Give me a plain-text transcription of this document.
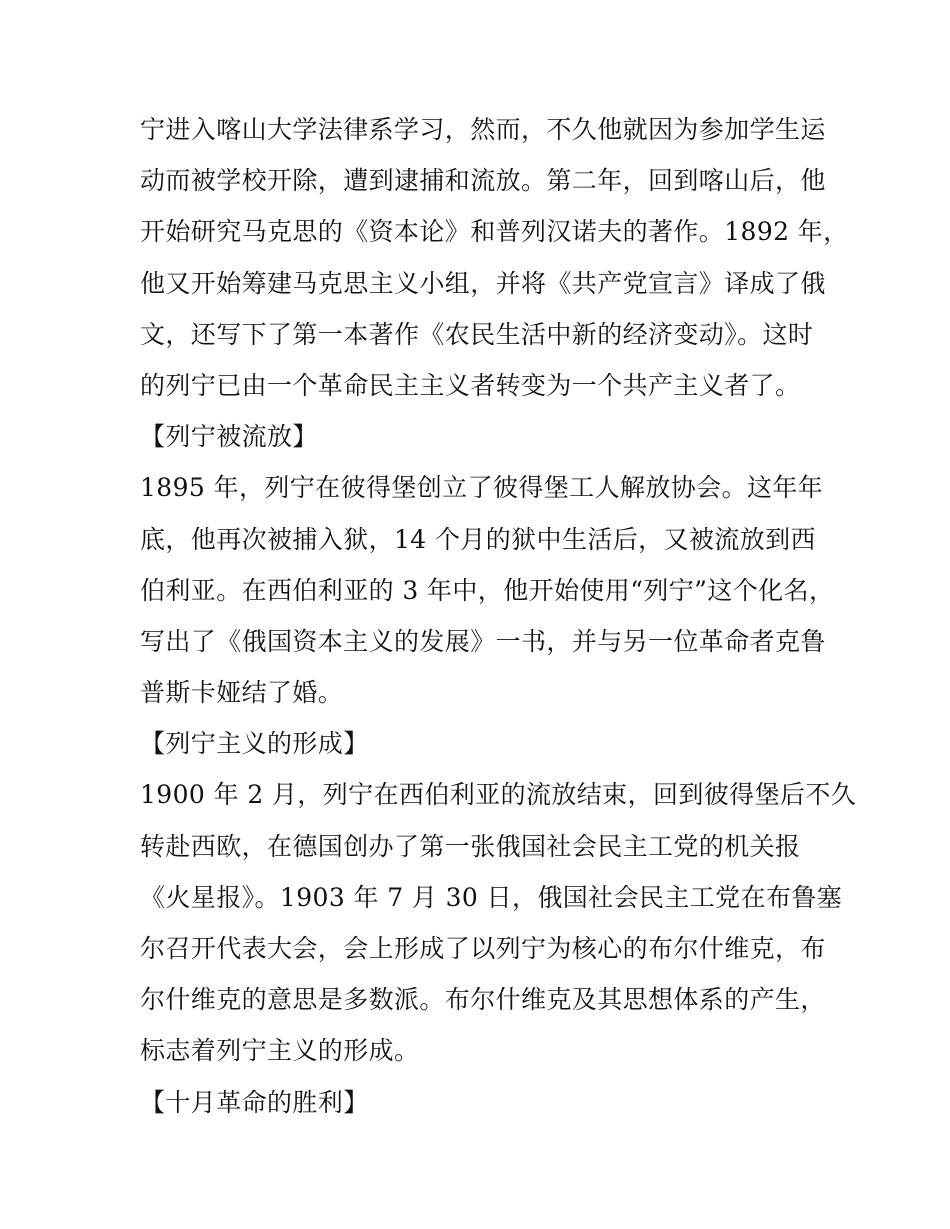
宁进入喀山大学法律系学习，然而，不久他就因为参加学生运
动而被学校开除，遭到逮捕和流放。第二年，回到喀山后，他
开始研究马克思的《资本论》和普列汉诺夫的著作。1892 年，
他又开始筹建马克思主义小组，并将《共产党宣言》译成了俄
文，还写下了第一本著作《农民生活中新的经济变动》。这时
的列宁已由一个革命民主主义者转变为一个共产主义者了。
【列宁被流放】
1895 年，列宁在彼得堡创立了彼得堡工人解放协会。这年年
底，他再次被捕入狱，14 个月的狱中生活后，又被流放到西
伯利亚。在西伯利亚的 3 年中，他开始使用“列宁”这个化名，
写出了《俄国资本主义的发展》一书，并与另一位革命者克鲁
普斯卡娅结了婚。
【列宁主义的形成】
1900 年 2 月，列宁在西伯利亚的流放结束，回到彼得堡后不久
转赴西欧，在德国创办了第一张俄国社会民主工党的机关报
《火星报》。1903 年 7 月 30 日，俄国社会民主工党在布鲁塞
尔召开代表大会，会上形成了以列宁为核心的布尔什维克，布
尔什维克的意思是多数派。布尔什维克及其思想体系的产生，
标志着列宁主义的形成。
【十月革命的胜利】
